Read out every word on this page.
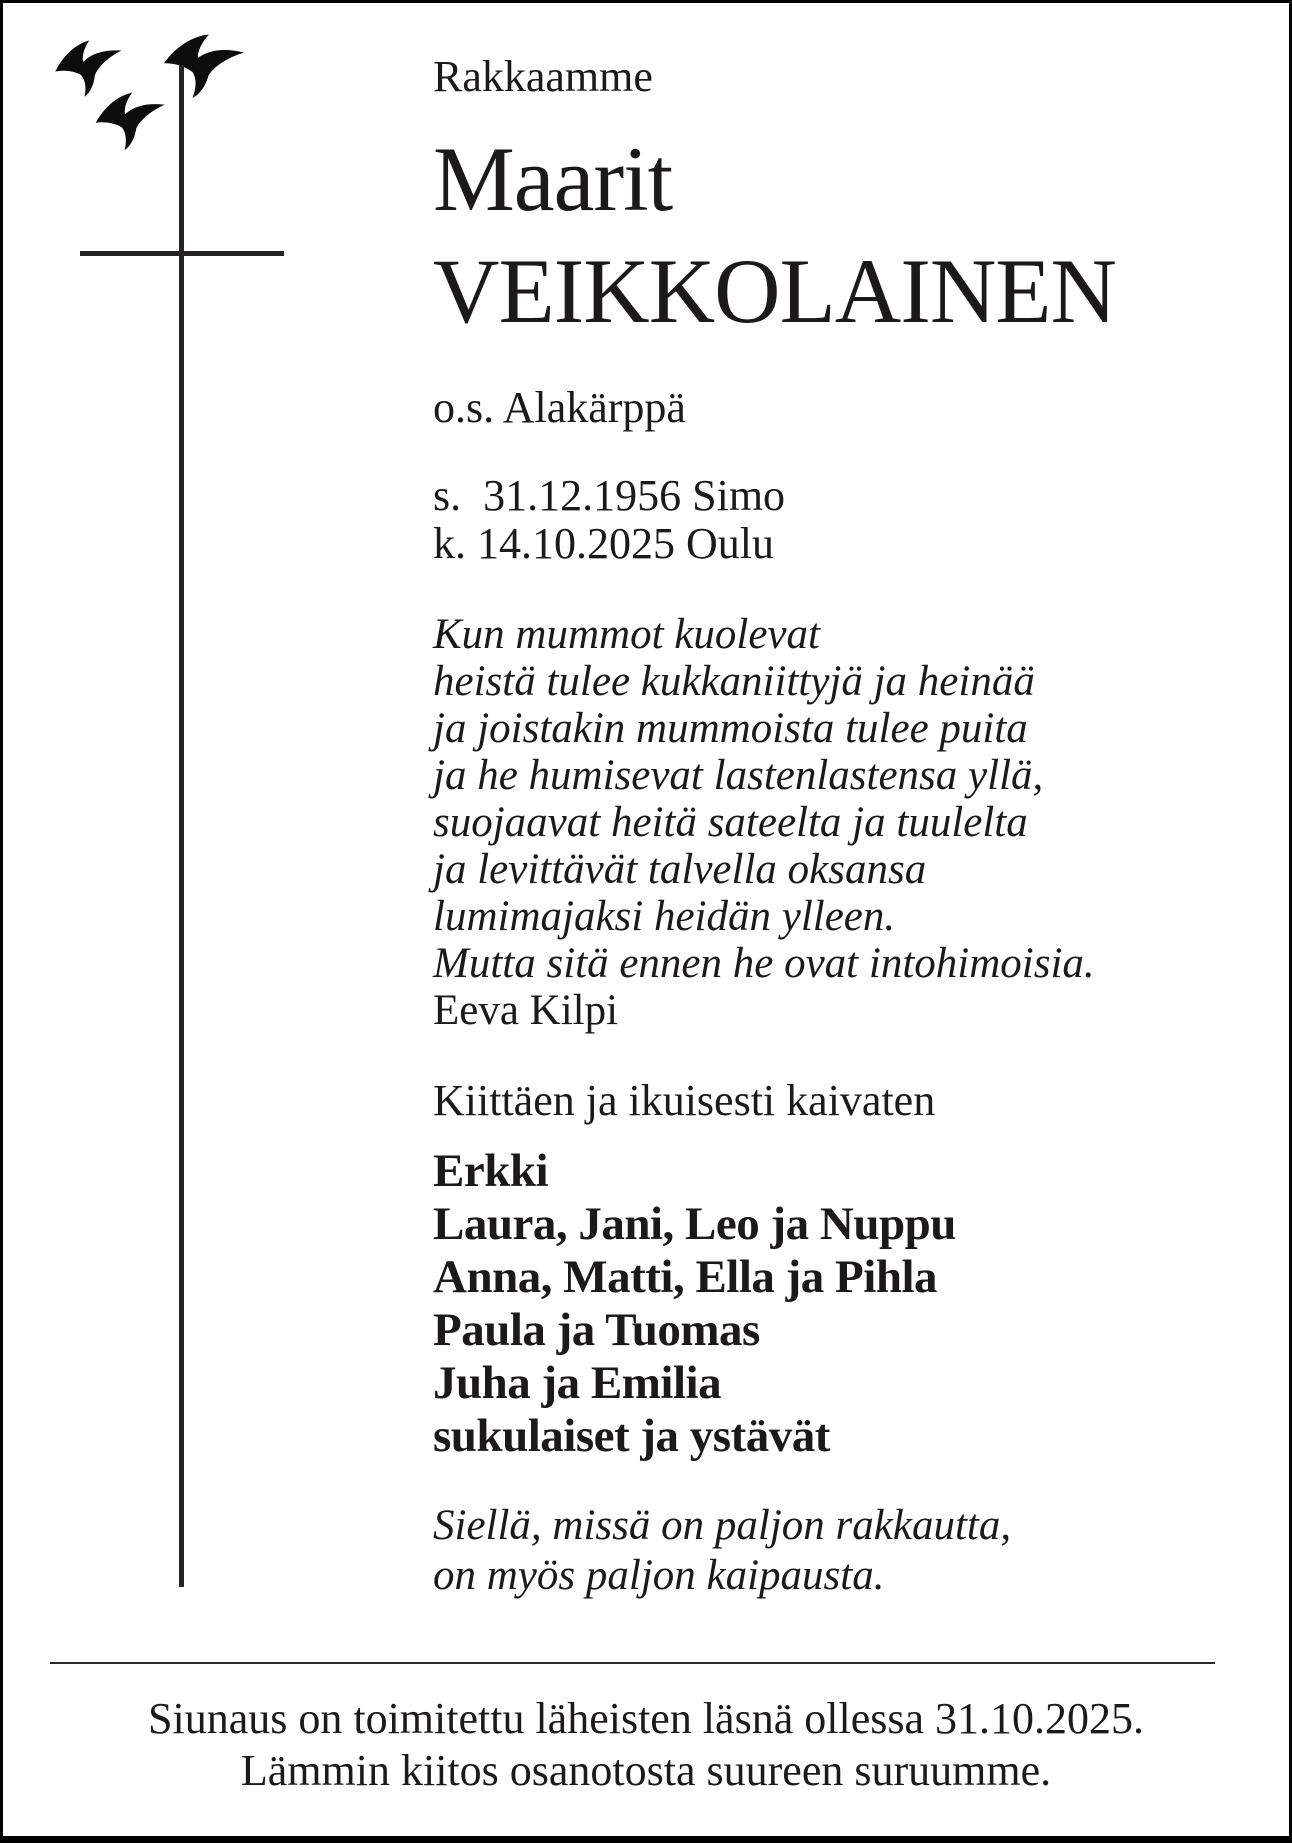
Rakkaamme
Maarit
VEIKKOLAINEN
o.s. Alakärppä
s.  31.12.1956 Simo
k. 14.10.2025 Oulu
Kun mummot kuolevat
heistä tulee kukkaniittyjä ja heinää
ja joistakin mummoista tulee puita
ja he humisevat lastenlastensa yllä,
suojaavat heitä sateelta ja tuulelta
ja levittävät talvella oksansa
lumimajaksi heidän ylleen.
Mutta sitä ennen he ovat intohimoisia.
Eeva Kilpi
Kiittäen ja ikuisesti kaivaten
Erkki
Laura, Jani, Leo ja Nuppu
Anna, Matti, Ella ja Pihla
Paula ja Tuomas
Juha ja Emilia
sukulaiset ja ystävät
Siellä, missä on paljon rakkautta,
on myös paljon kaipausta.
Siunaus on toimitettu läheisten läsnä ollessa 31.10.2025.
Lämmin kiitos osanotosta suureen suruumme.
